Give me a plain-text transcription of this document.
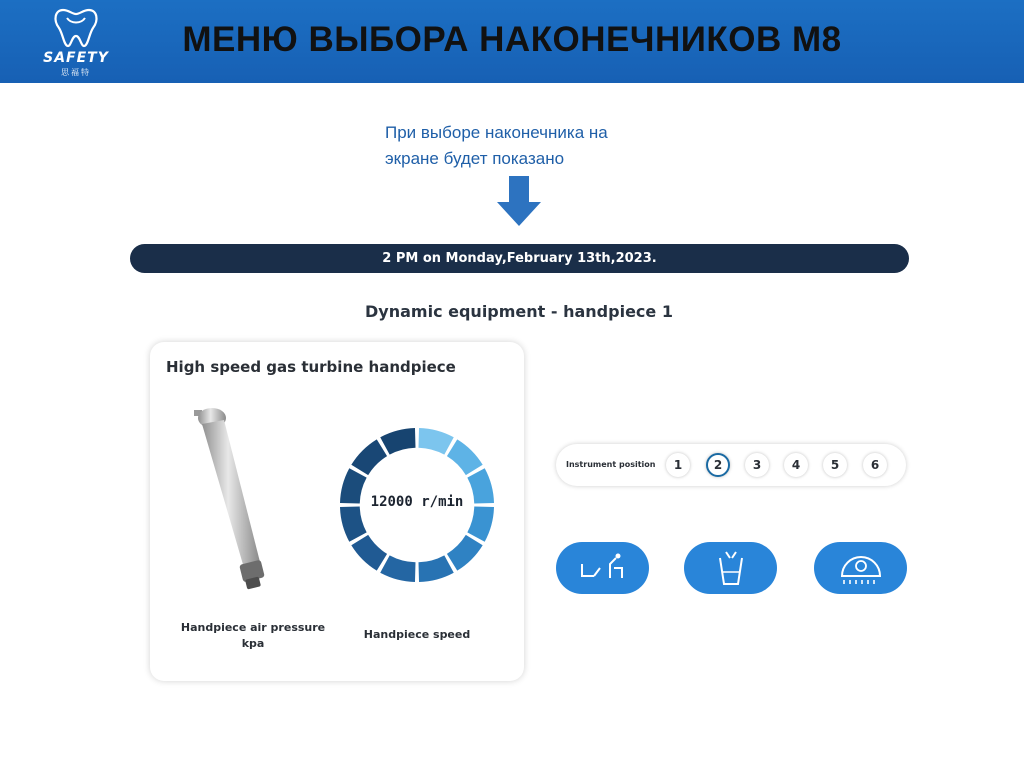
SAFETY
思福特
МЕНЮ ВЫБОРА НАКОНЕЧНИКОВ М8
При выборе наконечника на
экране будет показано
2 PM on Monday,February 13th,2023.
Dynamic equipment - handpiece 1
High speed gas turbine handpiece
12000 r/min
Handpiece air pressure kpa
Handpiece speed
Instrument position	1	2	3	4	5	6
